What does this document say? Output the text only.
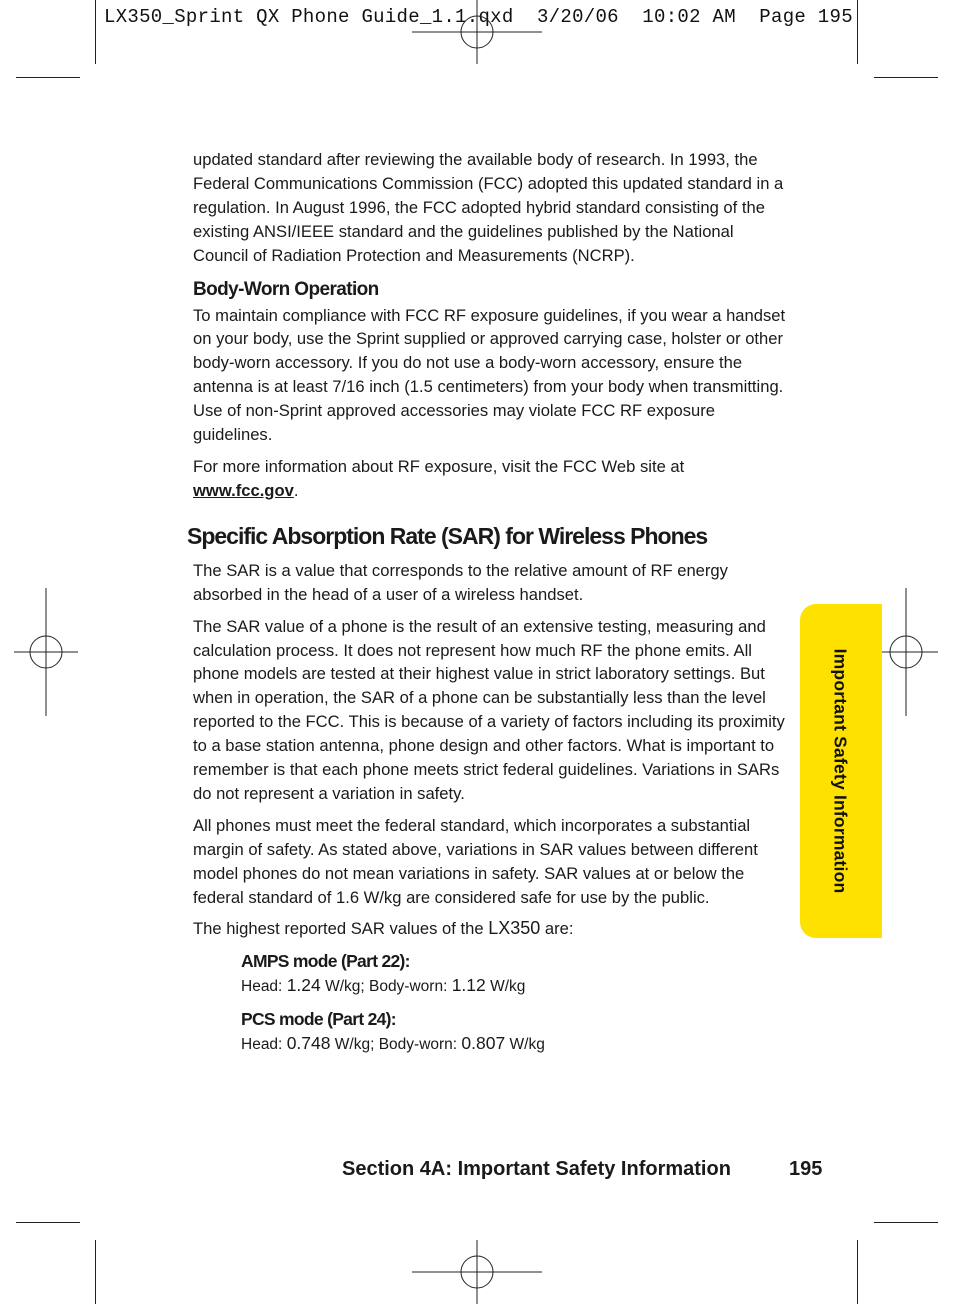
LX350_Sprint QX Phone Guide_1.1.qxd  3/20/06  10:02 AM  Page 195
Important Safety Information

updated standard after reviewing the available body of research. In 1993, the Federal Communications Commission (FCC) adopted this updated standard in a regulation. In August 1996, the FCC adopted hybrid standard consisting of the existing ANSI/IEEE standard and the guidelines published by the National Council of Radiation Protection and Measurements (NCRP).

Body-Worn Operation

To maintain compliance with FCC RF exposure guidelines, if you wear a handset on your body, use the Sprint supplied or approved carrying case, holster or other body-worn accessory. If you do not use a body-worn accessory, ensure the antenna is at least 7/16 inch (1.5 centimeters) from your body when transmitting. Use of non-Sprint approved accessories may violate FCC RF exposure guidelines.

For more information about RF exposure, visit the FCC Web site at
www.fcc.gov.

Specific Absorption Rate (SAR) for Wireless Phones

The SAR is a value that corresponds to the relative amount of RF energy absorbed in the head of a user of a wireless handset.

The SAR value of a phone is the result of an extensive testing, measuring and calculation process. It does not represent how much RF the phone emits. All phone models are tested at their highest value in strict laboratory settings. But when in operation, the SAR of a phone can be substantially less than the level reported to the FCC. This is because of a variety of factors including its proximity to a base station antenna, phone design and other factors. What is important to remember is that each phone meets strict federal guidelines. Variations in SARs do not represent a variation in safety.

All phones must meet the federal standard, which incorporates a substantial margin of safety. As stated above, variations in SAR values between different model phones do not mean variations in safety. SAR values at or below the federal standard of 1.6 W/kg are considered safe for use by the public.

The highest reported SAR values of the LX350 are:

AMPS mode (Part 22):
Head: 1.24 W/kg; Body-worn: 1.12 W/kg
PCS mode (Part 24):
Head: 0.748 W/kg; Body-worn: 0.807 W/kg
Section 4A: Important Safety Information	195
